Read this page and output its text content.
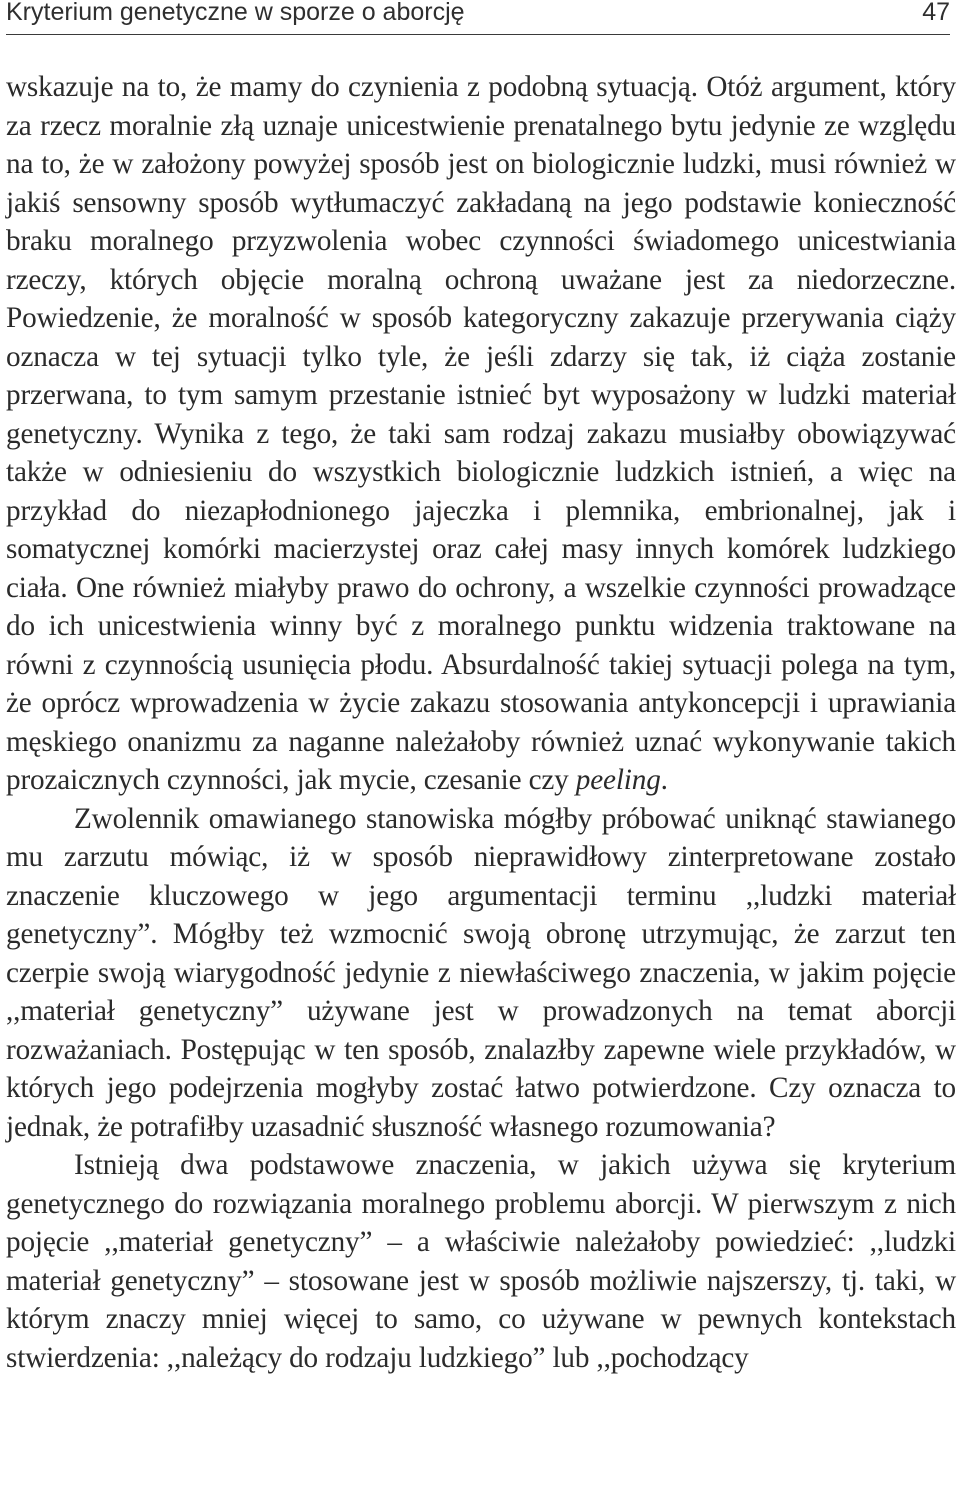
Kryterium genetyczne w sporze o aborcję	47

wskazuje na to, że mamy do czynienia z podobną sytuacją. Otóż argument, który za rzecz moralnie złą uznaje unicestwienie prenatalnego bytu jedynie ze względu na to, że w założony powyżej sposób jest on biologicznie ludzki, musi również w jakiś sensowny sposób wytłumaczyć zakładaną na jego podstawie konieczność braku moralnego przyzwolenia wobec czynności świadomego unicestwiania rzeczy, których objęcie moralną ochroną uważane jest za niedorzeczne. Powiedzenie, że moralność w sposób kategoryczny zakazuje przerywania ciąży oznacza w tej sytuacji tylko tyle, że jeśli zdarzy się tak, iż ciąża zostanie przerwana, to tym samym przestanie istnieć byt wyposażony w ludzki materiał genetyczny. Wynika z tego, że taki sam rodzaj zakazu musiałby obowiązywać także w odniesieniu do wszystkich biologicznie ludzkich istnień, a więc na przykład do niezapłodnionego jajeczka i plemnika, embrionalnej, jak i somatycznej komórki macierzystej oraz całej masy innych komórek ludzkiego ciała. One również miałyby prawo do ochrony, a wszelkie czynności prowadzące do ich unicestwienia winny być z moralnego punktu widzenia traktowane na równi z czynnością usunięcia płodu. Absurdalność takiej sytuacji polega na tym, że oprócz wprowadzenia w życie zakazu stosowania antykoncepcji i uprawiania męskiego onanizmu za naganne należałoby również uznać wykonywanie takich prozaicznych czynności, jak mycie, czesanie czy peeling.

Zwolennik omawianego stanowiska mógłby próbować uniknąć stawianego mu zarzutu mówiąc, iż w sposób nieprawidłowy zinterpretowane zostało znaczenie kluczowego w jego argumentacji terminu ,,ludzki materiał genetyczny”. Mógłby też wzmocnić swoją obronę utrzymując, że zarzut ten czerpie swoją wiarygodność jedynie z niewłaściwego znaczenia, w jakim pojęcie ,,materiał genetyczny” używane jest w prowadzonych na temat aborcji rozważaniach. Postępując w ten sposób, znalazłby zapewne wiele przykładów, w których jego podejrzenia mogłyby zostać łatwo potwierdzone. Czy oznacza to jednak, że potrafiłby uzasadnić słuszność własnego rozumowania?

Istnieją dwa podstawowe znaczenia, w jakich używa się kryterium genetycznego do rozwiązania moralnego problemu aborcji. W pierwszym z nich pojęcie ,,materiał genetyczny” – a właściwie należałoby powiedzieć: ,,ludzki materiał genetyczny” – stosowane jest w sposób możliwie najszerszy, tj. taki, w którym znaczy mniej więcej to samo, co używane w pewnych kontekstach stwierdzenia: ,,należący do rodzaju ludzkiego” lub ,,pochodzący
